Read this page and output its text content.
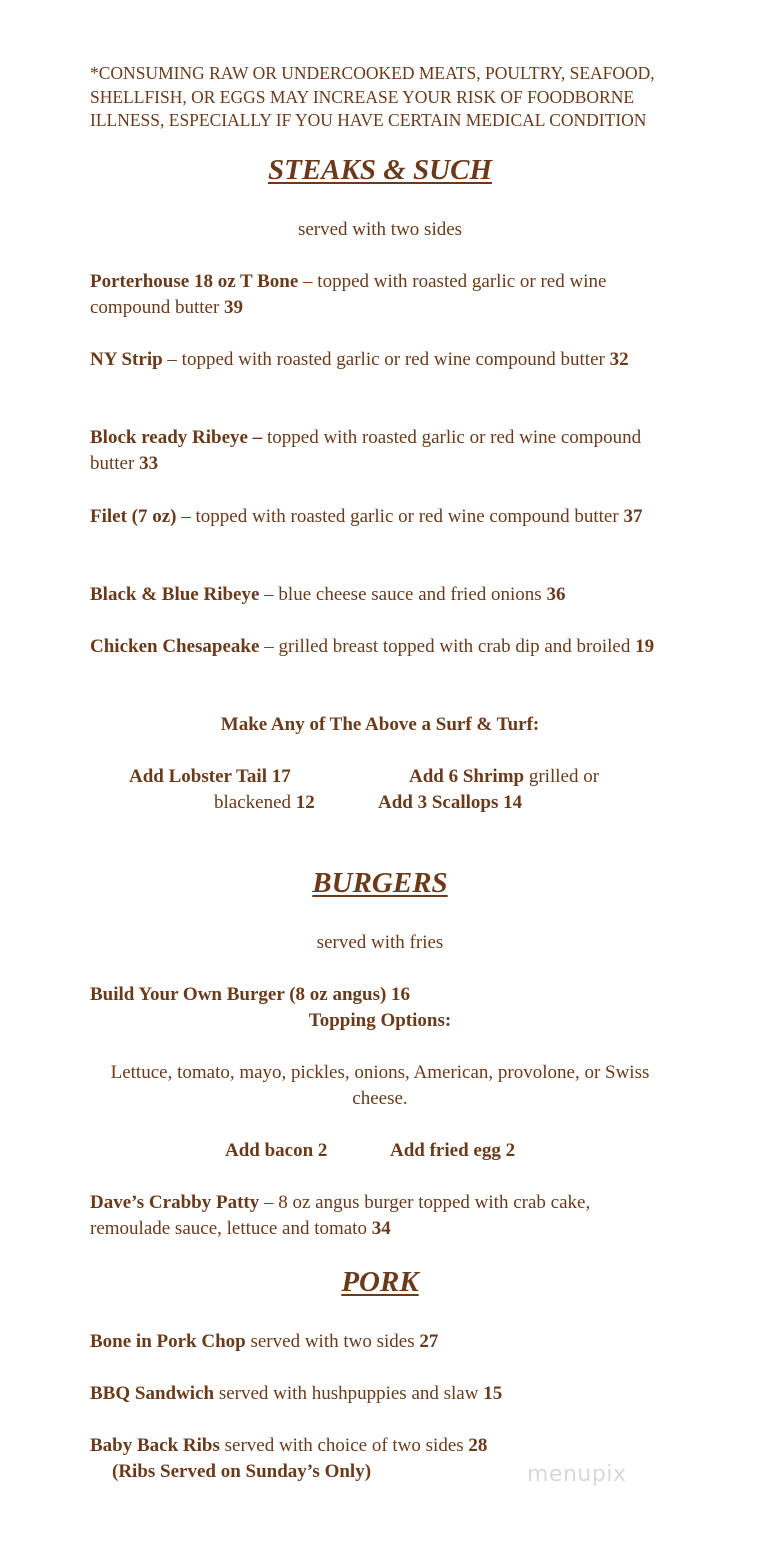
*CONSUMING RAW OR UNDERCOOKED MEATS, POULTRY, SEAFOOD, SHELLFISH, OR EGGS MAY INCREASE YOUR RISK OF FOODBORNE ILLNESS, ESPECIALLY IF YOU HAVE CERTAIN MEDICAL CONDITION
STEAKS & SUCH
served with two sides
Porterhouse 18 oz T Bone – topped with roasted garlic or red wine compound butter 39
NY Strip – topped with roasted garlic or red wine compound butter 32
Block ready Ribeye – topped with roasted garlic or red wine compound butter 33
Filet (7 oz) – topped with roasted garlic or red wine compound butter 37
Black & Blue Ribeye – blue cheese sauce and fried onions 36
Chicken Chesapeake – grilled breast topped with crab dip and broiled 19
Make Any of The Above a Surf & Turf:
Add Lobster Tail 17	Add 6 Shrimp grilled or
blackened 12	Add 3 Scallops 14
BURGERS
served with fries
Build Your Own Burger (8 oz angus) 16
Topping Options:
Lettuce, tomato, mayo, pickles, onions, American, provolone, or Swiss cheese.
Add bacon 2	Add fried egg 2
Dave’s Crabby Patty – 8 oz angus burger topped with crab cake, remoulade sauce, lettuce and tomato 34
PORK
Bone in Pork Chop served with two sides 27
BBQ Sandwich served with hushpuppies and slaw 15
Baby Back Ribs served with choice of two sides 28
(Ribs Served on Sunday’s Only)	menupix
